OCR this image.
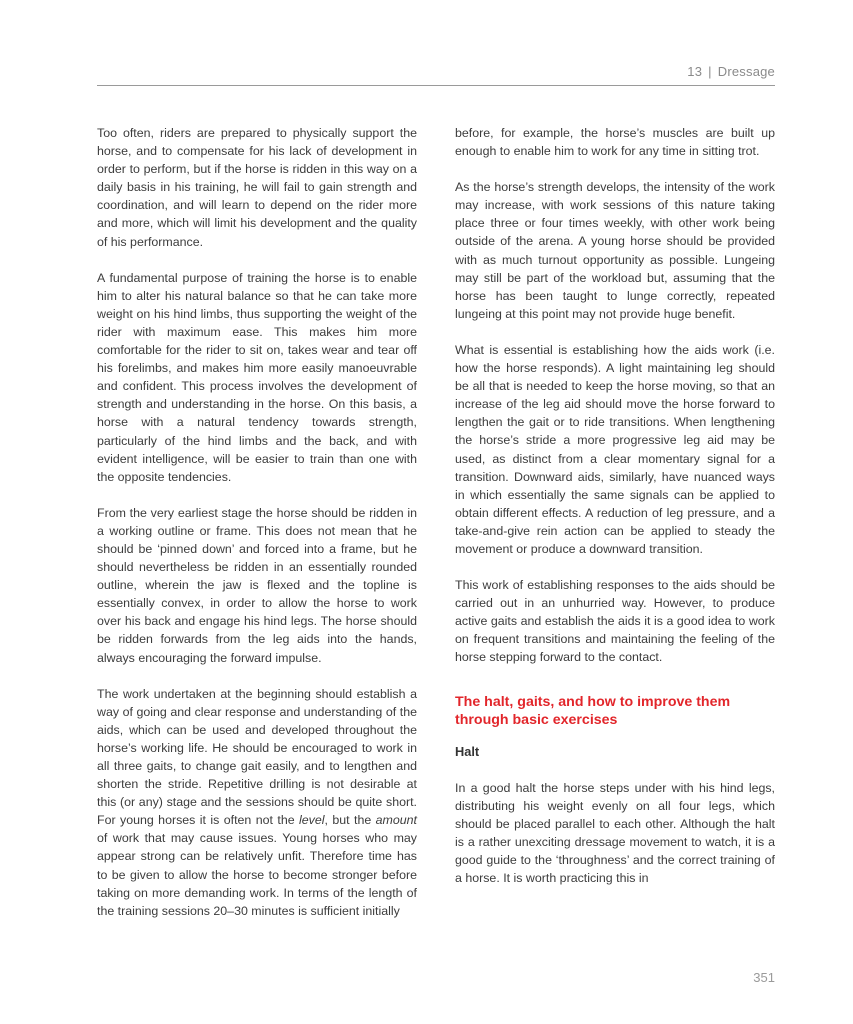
13 | Dressage

Too often, riders are prepared to physically support the horse, and to compensate for his lack of development in order to perform, but if the horse is ridden in this way on a daily basis in his training, he will fail to gain strength and coordination, and will learn to depend on the rider more and more, which will limit his development and the quality of his performance.

A fundamental purpose of training the horse is to enable him to alter his natural balance so that he can take more weight on his hind limbs, thus supporting the weight of the rider with maximum ease. This makes him more comfortable for the rider to sit on, takes wear and tear off his forelimbs, and makes him more easily manoeuvrable and confident. This process involves the development of strength and understanding in the horse. On this basis, a horse with a natural tendency towards strength, particularly of the hind limbs and the back, and with evident intelligence, will be easier to train than one with the opposite tendencies.

From the very earliest stage the horse should be ridden in a working outline or frame. This does not mean that he should be ‘pinned down’ and forced into a frame, but he should nevertheless be ridden in an essentially rounded outline, wherein the jaw is flexed and the topline is essentially convex, in order to allow the horse to work over his back and engage his hind legs. The horse should be ridden forwards from the leg aids into the hands, always encouraging the forward impulse.

The work undertaken at the beginning should establish a way of going and clear response and understanding of the aids, which can be used and developed throughout the horse’s working life. He should be encouraged to work in all three gaits, to change gait easily, and to lengthen and shorten the stride. Repetitive drilling is not desirable at this (or any) stage and the sessions should be quite short. For young horses it is often not the level, but the amount of work that may cause issues. Young horses who may appear strong can be relatively unfit. Therefore time has to be given to allow the horse to become stronger before taking on more demanding work. In terms of the length of the training sessions 20–30 minutes is sufficient initially

before, for example, the horse’s muscles are built up enough to enable him to work for any time in sitting trot.

As the horse’s strength develops, the intensity of the work may increase, with work sessions of this nature taking place three or four times weekly, with other work being outside of the arena. A young horse should be provided with as much turnout opportunity as possible. Lungeing may still be part of the workload but, assuming that the horse has been taught to lunge correctly, repeated lungeing at this point may not provide huge benefit.

What is essential is establishing how the aids work (i.e. how the horse responds). A light maintaining leg should be all that is needed to keep the horse moving, so that an increase of the leg aid should move the horse forward to lengthen the gait or to ride transitions. When lengthening the horse’s stride a more progressive leg aid may be used, as distinct from a clear momentary signal for a transition. Downward aids, similarly, have nuanced ways in which essentially the same signals can be applied to obtain different effects. A reduction of leg pressure, and a take-and-give rein action can be applied to steady the movement or produce a downward transition.

This work of establishing responses to the aids should be carried out in an unhurried way. However, to produce active gaits and establish the aids it is a good idea to work on frequent transitions and maintaining the feeling of the horse stepping forward to the contact.

The halt, gaits, and how to improve them through basic exercises
Halt

In a good halt the horse steps under with his hind legs, distributing his weight evenly on all four legs, which should be placed parallel to each other. Although the halt is a rather unexciting dressage movement to watch, it is a good guide to the ‘throughness’ and the correct training of a horse. It is worth practicing this in

351
